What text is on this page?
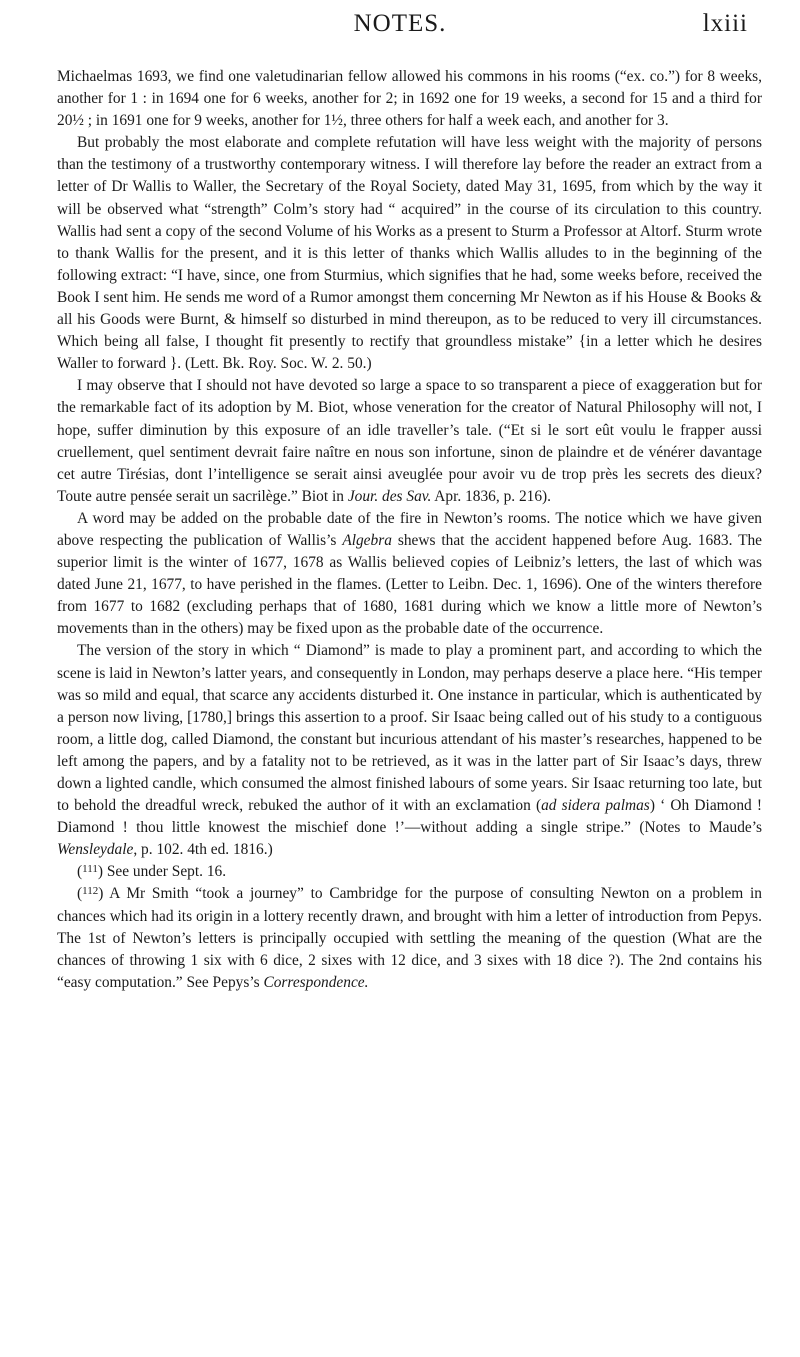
NOTES.	lxiii

Michaelmas 1693, we find one valetudinarian fellow allowed his commons in his rooms (“ex. co.”) for 8 weeks, another for 1 : in 1694 one for 6 weeks, another for 2; in 1692 one for 19 weeks, a second for 15 and a third for 20½ ; in 1691 one for 9 weeks, another for 1½, three others for half a week each, and another for 3.

But probably the most elaborate and complete refutation will have less weight with the majority of persons than the testimony of a trustworthy contemporary witness. I will therefore lay before the reader an extract from a letter of Dr Wallis to Waller, the Secretary of the Royal Society, dated May 31, 1695, from which by the way it will be observed what “strength” Colm’s story had “ acquired” in the course of its circulation to this country. Wallis had sent a copy of the second Volume of his Works as a present to Sturm a Professor at Altorf. Sturm wrote to thank Wallis for the present, and it is this letter of thanks which Wallis alludes to in the beginning of the following extract: “I have, since, one from Sturmius, which signifies that he had, some weeks before, received the Book I sent him. He sends me word of a Rumor amongst them concerning Mr Newton as if his House & Books & all his Goods were Burnt, & himself so disturbed in mind thereupon, as to be reduced to very ill circumstances. Which being all false, I thought fit presently to rectify that groundless mistake” {in a letter which he desires Waller to forward }. (Lett. Bk. Roy. Soc. W. 2. 50.)

I may observe that I should not have devoted so large a space to so transparent a piece of exaggeration but for the remarkable fact of its adoption by M. Biot, whose veneration for the creator of Natural Philosophy will not, I hope, suffer diminution by this exposure of an idle traveller’s tale. (“Et si le sort eût voulu le frapper aussi cruellement, quel sentiment devrait faire naître en nous son infortune, sinon de plaindre et de vénérer davantage cet autre Tirésias, dont l’intelligence se serait ainsi aveuglée pour avoir vu de trop près les secrets des dieux? Toute autre pensée serait un sacrilège.” Biot in Jour. des Sav. Apr. 1836, p. 216).

A word may be added on the probable date of the fire in Newton’s rooms. The notice which we have given above respecting the publication of Wallis’s Algebra shews that the accident happened before Aug. 1683. The superior limit is the winter of 1677, 1678 as Wallis believed copies of Leibniz’s letters, the last of which was dated June 21, 1677, to have perished in the flames. (Letter to Leibn. Dec. 1, 1696). One of the winters therefore from 1677 to 1682 (excluding perhaps that of 1680, 1681 during which we know a little more of Newton’s movements than in the others) may be fixed upon as the probable date of the occurrence.

The version of the story in which “ Diamond” is made to play a prominent part, and according to which the scene is laid in Newton’s latter years, and consequently in London, may perhaps deserve a place here. “His temper was so mild and equal, that scarce any accidents disturbed it. One instance in particular, which is authenticated by a person now living, [1780,] brings this assertion to a proof. Sir Isaac being called out of his study to a contiguous room, a little dog, called Diamond, the constant but incurious attendant of his master’s researches, happened to be left among the papers, and by a fatality not to be retrieved, as it was in the latter part of Sir Isaac’s days, threw down a lighted candle, which consumed the almost finished labours of some years. Sir Isaac returning too late, but to behold the dreadful wreck, rebuked the author of it with an exclamation (ad sidera palmas) ‘ Oh Diamond ! Diamond ! thou little knowest the mischief done !’—without adding a single stripe.” (Notes to Maude’s Wensleydale, p. 102. 4th ed. 1816.)

($^{111}$) See under Sept. 16.

($^{112}$) A Mr Smith “took a journey” to Cambridge for the purpose of consulting Newton on a problem in chances which had its origin in a lottery recently drawn, and brought with him a letter of introduction from Pepys. The 1st of Newton’s letters is principally occupied with settling the meaning of the question (What are the chances of throwing 1 six with 6 dice, 2 sixes with 12 dice, and 3 sixes with 18 dice ?). The 2nd contains his “easy computation.” See Pepys’s Correspondence.
